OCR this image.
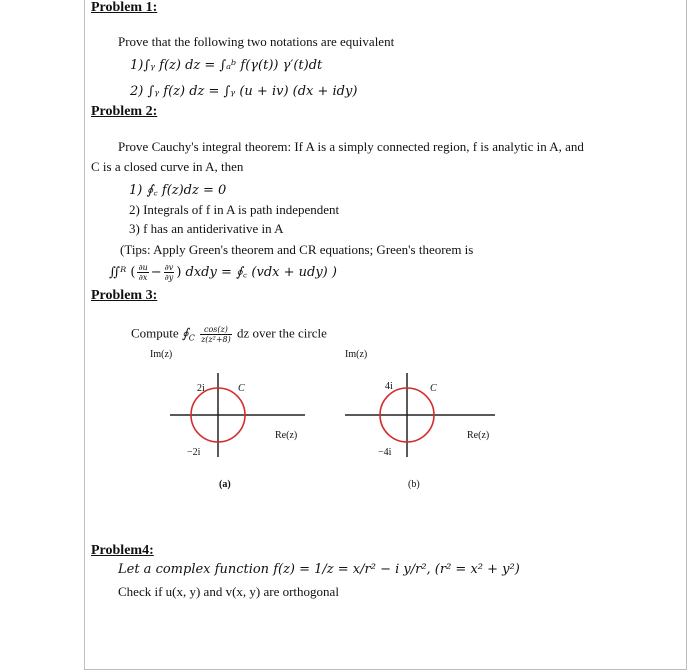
Problem 1:
Prove that the following two notations are equivalent
1)∫ᵧ f(z) dz = ∫ₐᵇ f(γ(t)) γ′(t)dt
2) ∫ᵧ f(z) dz = ∫ᵧ (u + iv) (dx + idy)
Problem 2:
Prove Cauchy's integral theorem: If A is a simply connected region, f is analytic in A, and
C is a closed curve in A, then
1) ∮꜀ f(z)dz = 0
2) Integrals of f in A is path independent
3) f has an antiderivative in A
(Tips: Apply Green's theorem and CR equations; Green's theorem is
∬ᴿ ( $\frac{\partial u}{\partial x} - \frac{\partial v}{\partial y}$ ) dxdy = ∮꜀ (vdx + udy) )
Problem 3:
Compute $∮_C \frac{\cos(z)}{\text{z(z²+8)}}$ dz over the circle
Im(z)
2i	C
Re(z)
−2i
(a)
Im(z)
4i	C
Re(z)
−4i
(b)
Problem4:
Let a complex function f(z) = 1/z = x/r² − i y/r², (r² = x² + y²)
Check if u(x, y) and v(x, y) are orthogonal
